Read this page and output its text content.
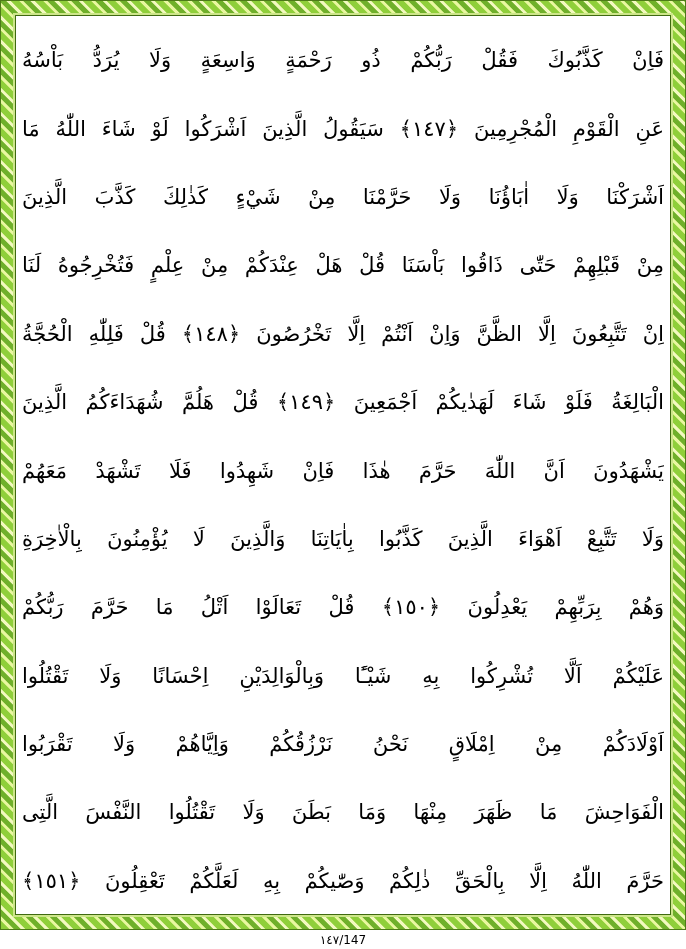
فَاِنْ كَذَّبُوكَ فَقُلْ رَبُّكُمْ ذُو رَحْمَةٍ وَاسِعَةٍ وَلَا يُرَدُّ بَاْسُهُ
عَنِ الْقَوْمِ الْمُجْرِمِينَ ﴿١٤٧﴾ سَيَقُولُ الَّذِينَ اَشْرَكُوا لَوْ شَاءَ اللّٰهُ مَا
اَشْرَكْنَا وَلَا اٰبَاؤُنَا وَلَا حَرَّمْنَا مِنْ شَيْءٍ كَذٰلِكَ كَذَّبَ الَّذِينَ
مِنْ قَبْلِهِمْ حَتّٰى ذَاقُوا بَاْسَنَا قُلْ هَلْ عِنْدَكُمْ مِنْ عِلْمٍ فَتُخْرِجُوهُ لَنَا
اِنْ تَتَّبِعُونَ اِلَّا الظَّنَّ وَاِنْ اَنْتُمْ اِلَّا تَخْرُصُونَ ﴿١٤٨﴾ قُلْ فَلِلّٰهِ الْحُجَّةُ
الْبَالِغَةُ فَلَوْ شَاءَ لَهَدٰيكُمْ اَجْمَعِينَ ﴿١٤٩﴾ قُلْ هَلُمَّ شُهَدَاءَكُمُ الَّذِينَ
يَشْهَدُونَ اَنَّ اللّٰهَ حَرَّمَ هٰذَا فَاِنْ شَهِدُوا فَلَا تَشْهَدْ مَعَهُمْ
وَلَا تَتَّبِعْ اَهْوَاءَ الَّذِينَ كَذَّبُوا بِاٰيَاتِنَا وَالَّذِينَ لَا يُؤْمِنُونَ بِالْاٰخِرَةِ
وَهُمْ بِرَبِّهِمْ يَعْدِلُونَ ﴿١٥٠﴾ قُلْ تَعَالَوْا اَتْلُ مَا حَرَّمَ رَبُّكُمْ
عَلَيْكُمْ اَلَّا تُشْرِكُوا بِهِ شَيْـًٔا وَبِالْوَالِدَيْنِ اِحْسَانًا وَلَا تَقْتُلُوا
اَوْلَادَكُمْ مِنْ اِمْلَاقٍ نَحْنُ نَرْزُقُكُمْ وَاِيَّاهُمْ وَلَا تَقْرَبُوا
الْفَوَاحِشَ مَا ظَهَرَ مِنْهَا وَمَا بَطَنَ وَلَا تَقْتُلُوا النَّفْسَ الَّتِى
حَرَّمَ اللّٰهُ اِلَّا بِالْحَقِّ ذٰلِكُمْ وَصّٰيكُمْ بِهِ لَعَلَّكُمْ تَعْقِلُونَ ﴿١٥١﴾
١٤٧/147
